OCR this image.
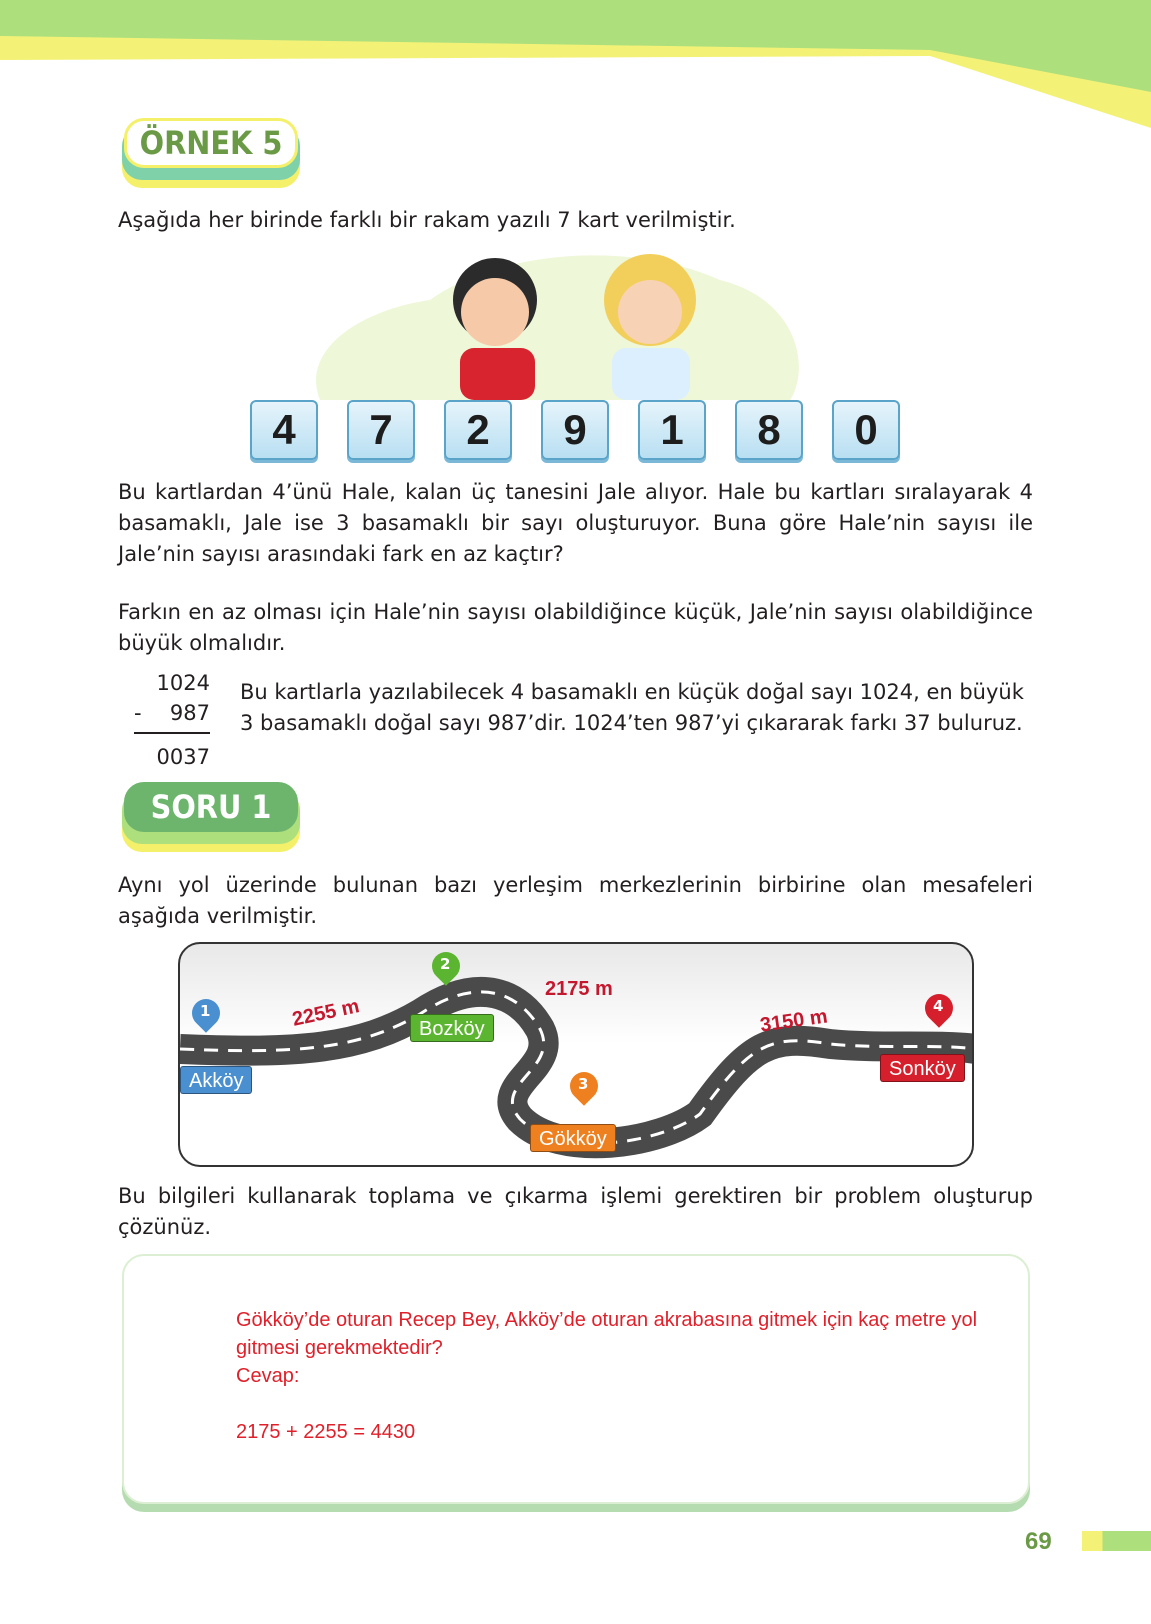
ÖRNEK 5
Aşağıda her birinde farklı bir rakam yazılı 7 kart verilmiştir.
4	7	2	9	1	8	0
Bu kartlardan 4’ünü Hale, kalan üç tanesini Jale alıyor. Hale bu kartları sıralayarak 4 basamaklı, Jale ise 3 basamaklı bir sayı oluşturuyor. Buna göre Hale’nin sayısı ile Jale’nin sayısı arasındaki fark en az kaçtır?
Farkın en az olması için Hale’nin sayısı olabildiğince küçük, Jale’nin sayısı olabildiğince büyük olmalıdır.
1024
- 987
0037
Bu kartlarla yazılabilecek 4 basamaklı en küçük doğal sayı 1024, en büyük 3 basamaklı doğal sayı 987’dir. 1024’ten 987’yi çıkararak farkı 37 buluruz.
SORU 1
Aynı yol üzerinde bulunan bazı yerleşim merkezlerinin birbirine olan mesafeleri aşağıda verilmiştir.
2255 m
2175 m
3150 m
1
2
3
4
Akköy
Bozköy
Gökköy
Sonköy
Bu bilgileri kullanarak toplama ve çıkarma işlemi gerektiren bir problem oluşturup çözünüz.
Gökköy’de oturan Recep Bey, Akköy’de oturan akrabasına gitmek için kaç metre yol gitmesi gerekmektedir?
Cevap:
2175 + 2255 = 4430
69
